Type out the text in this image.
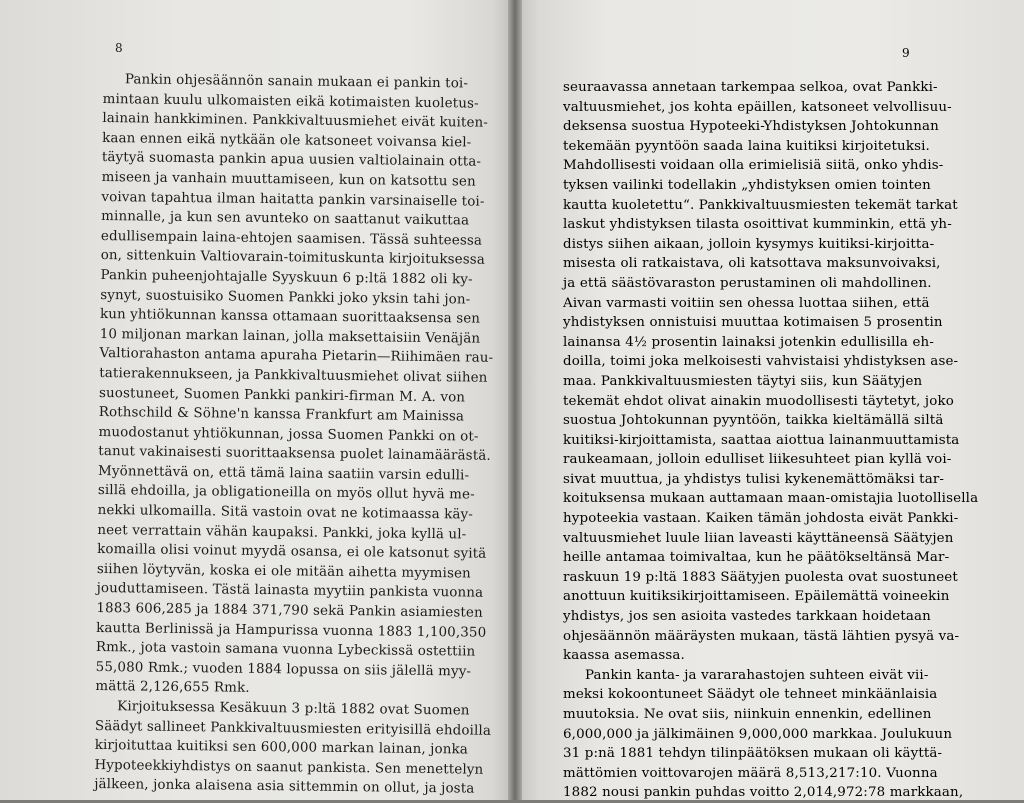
8
Pankin ohjesäännön sanain mukaan ei pankin toi-
mintaan kuulu ulkomaisten eikä kotimaisten kuoletus-
lainain hankkiminen. Pankkivaltuusmiehet eivät kuiten-
kaan ennen eikä nytkään ole katsoneet voivansa kiel-
täytyä suomasta pankin apua uusien valtiolainain otta-
miseen ja vanhain muuttamiseen, kun on katsottu sen
voivan tapahtua ilman haitatta pankin varsinaiselle toi-
minnalle, ja kun sen avunteko on saattanut vaikuttaa
edullisempain laina-ehtojen saamisen. Tässä suhteessa
on, sittenkuin Valtiovarain-toimituskunta kirjoituksessa
Pankin puheenjohtajalle Syyskuun 6 p:ltä 1882 oli ky-
synyt, suostuisiko Suomen Pankki joko yksin tahi jon-
kun yhtiökunnan kanssa ottamaan suorittaaksensa sen
10 miljonan markan lainan, jolla maksettaisiin Venäjän
Valtiorahaston antama apuraha Pietarin—Riihimäen rau-
tatierakennukseen, ja Pankkivaltuusmiehet olivat siihen
suostuneet, Suomen Pankki pankiri-firman M. A. von
Rothschild & Söhne'n kanssa Frankfurt am Mainissa
muodostanut yhtiökunnan, jossa Suomen Pankki on ot-
tanut vakinaisesti suorittaaksensa puolet lainamäärästä.
Myönnettävä on, että tämä laina saatiin varsin edulli-
sillä ehdoilla, ja obligationeilla on myös ollut hyvä me-
nekki ulkomailla. Sitä vastoin ovat ne kotimaassa käy-
neet verrattain vähän kaupaksi. Pankki, joka kyllä ul-
komailla olisi voinut myydä osansa, ei ole katsonut syitä
siihen löytyvän, koska ei ole mitään aihetta myymisen
jouduttamiseen. Tästä lainasta myytiin pankista vuonna
1883 606,285 ja 1884 371,790 sekä Pankin asiamiesten
kautta Berlinissä ja Hampurissa vuonna 1883 1,100,350
Rmk., jota vastoin samana vuonna Lybeckissä ostettiin
55,080 Rmk.; vuoden 1884 lopussa on siis jälellä myy-
mättä 2,126,655 Rmk.
Kirjoituksessa Kesäkuun 3 p:ltä 1882 ovat Suomen
Säädyt sallineet Pankkivaltuusmiesten erityisillä ehdoilla
kirjoituttaa kuitiksi sen 600,000 markan lainan, jonka
Hypoteekkiyhdistys on saanut pankista. Sen menettelyn
jälkeen, jonka alaisena asia sittemmin on ollut, ja josta
9
seuraavassa annetaan tarkempaa selkoa, ovat Pankki-
valtuusmiehet, jos kohta epäillen, katsoneet velvollisuu-
deksensa suostua Hypoteeki-Yhdistyksen Johtokunnan
tekemään pyyntöön saada laina kuitiksi kirjoitetuksi.
Mahdollisesti voidaan olla erimielisiä siitä, onko yhdis-
tyksen vailinki todellakin „yhdistyksen omien tointen
kautta kuoletettu“. Pankkivaltuusmiesten tekemät tarkat
laskut yhdistyksen tilasta osoittivat kumminkin, että yh-
distys siihen aikaan, jolloin kysymys kuitiksi-kirjoitta-
misesta oli ratkaistava, oli katsottava maksunvoivaksi,
ja että säästövaraston perustaminen oli mahdollinen.
Aivan varmasti voitiin sen ohessa luottaa siihen, että
yhdistyksen onnistuisi muuttaa kotimaisen 5 prosentin
lainansa 4½ prosentin lainaksi jotenkin edullisilla eh-
doilla, toimi joka melkoisesti vahvistaisi yhdistyksen ase-
maa. Pankkivaltuusmiesten täytyi siis, kun Säätyjen
tekemät ehdot olivat ainakin muodollisesti täytetyt, joko
suostua Johtokunnan pyyntöön, taikka kieltämällä siltä
kuitiksi-kirjoittamista, saattaa aiottua lainanmuuttamista
raukeamaan, jolloin edulliset liikesuhteet pian kyllä voi-
sivat muuttua, ja yhdistys tulisi kykenemättömäksi tar-
koituksensa mukaan auttamaan maan-omistajia luotollisella
hypoteekia vastaan. Kaiken tämän johdosta eivät Pankki-
valtuusmiehet luule liian laveasti käyttäneensä Säätyjen
heille antamaa toimivaltaa, kun he päätökseltänsä Mar-
raskuun 19 p:ltä 1883 Säätyjen puolesta ovat suostuneet
anottuun kuitiksikirjoittamiseen. Epäilemättä voineekin
yhdistys, jos sen asioita vastedes tarkkaan hoidetaan
ohjesäännön määräysten mukaan, tästä lähtien pysyä va-
kaassa asemassa.
Pankin kanta- ja vararahastojen suhteen eivät vii-
meksi kokoontuneet Säädyt ole tehneet minkäänlaisia
muutoksia. Ne ovat siis, niinkuin ennenkin, edellinen
6,000,000 ja jälkimäinen 9,000,000 markkaa. Joulukuun
31 p:nä 1881 tehdyn tilinpäätöksen mukaan oli käyttä-
mättömien voittovarojen määrä 8,513,217:10. Vuonna
1882 nousi pankin puhdas voitto 2,014,972:78 markkaan,
